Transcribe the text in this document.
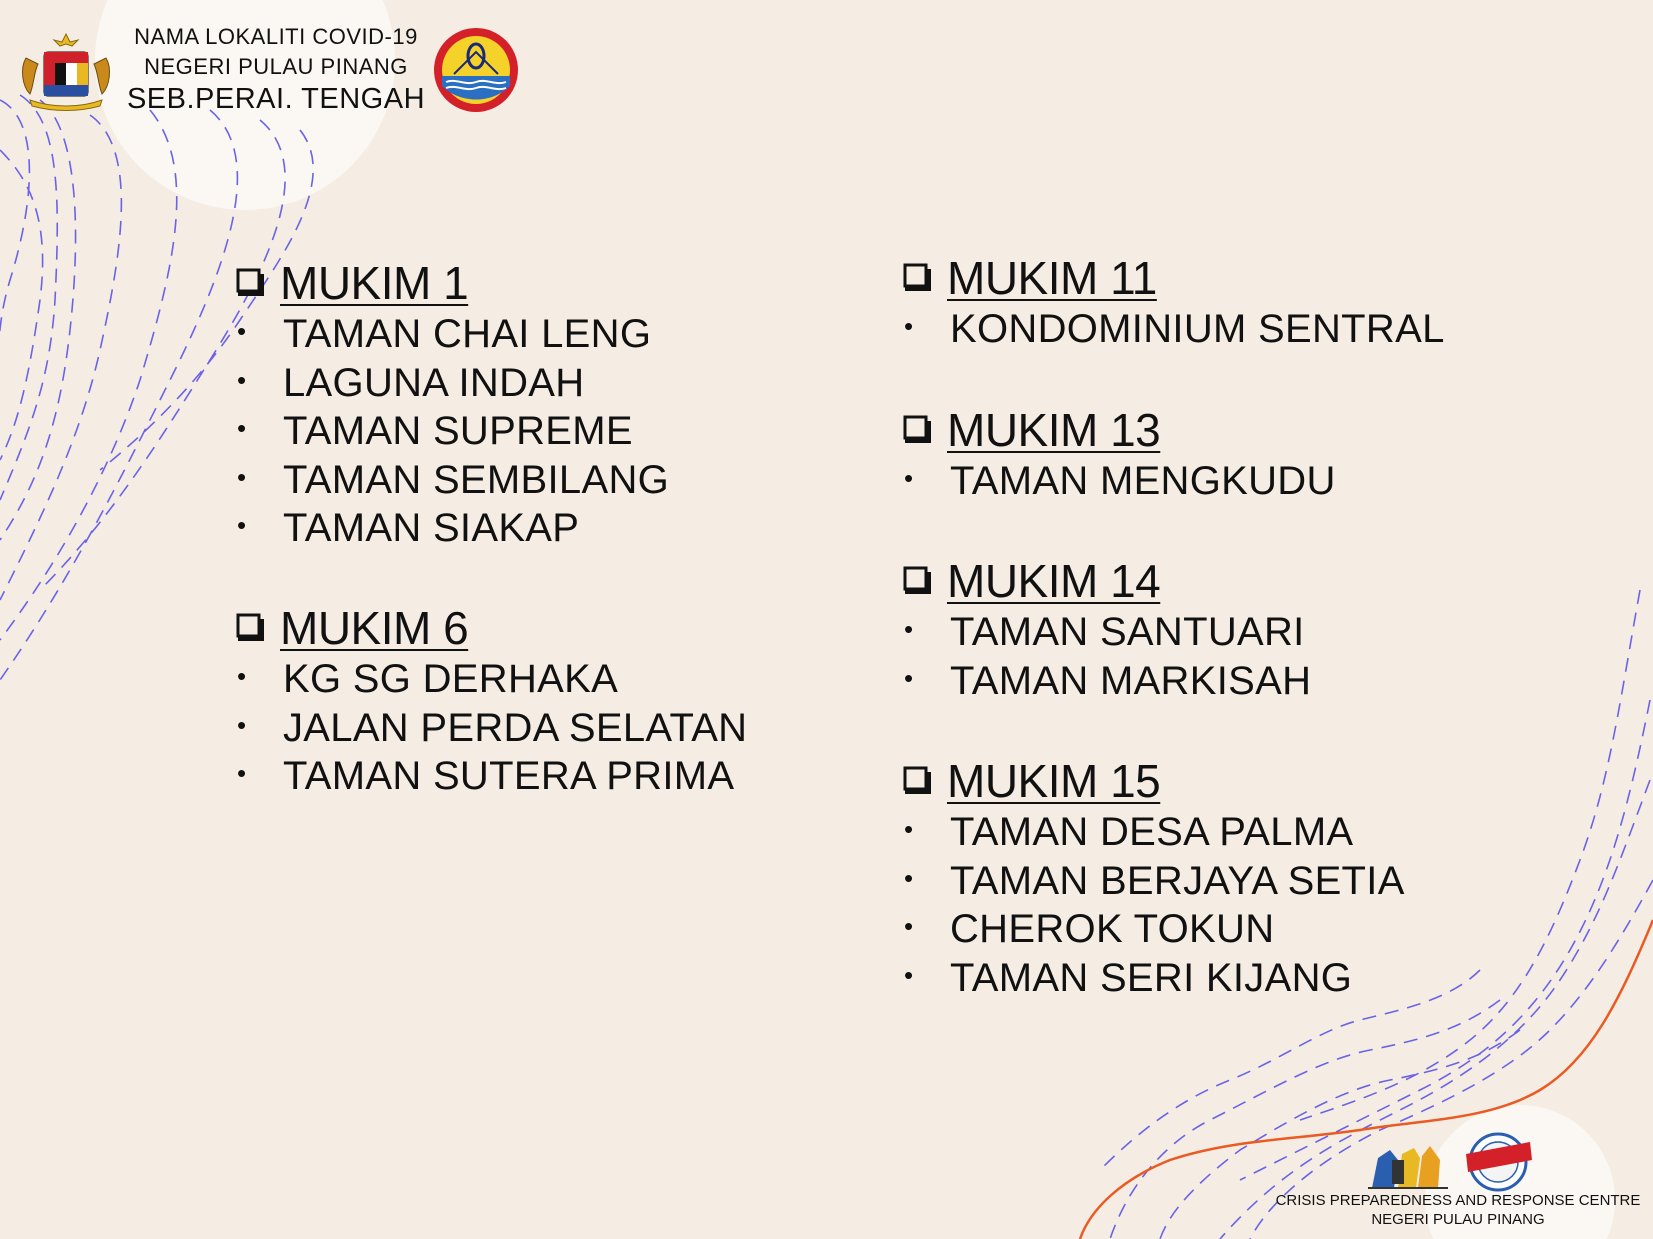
NAMA LOKALITI COVID-19
NEGERI PULAU PINANG
SEB.PERAI. TENGAH
MUKIM 1
• TAMAN CHAI LENG
• LAGUNA INDAH
• TAMAN SUPREME
• TAMAN SEMBILANG
• TAMAN SIAKAP
MUKIM 6
• KG SG DERHAKA
• JALAN PERDA SELATAN
• TAMAN SUTERA PRIMA
MUKIM 11
• KONDOMINIUM SENTRAL
MUKIM 13
• TAMAN MENGKUDU
MUKIM 14
• TAMAN SANTUARI
• TAMAN MARKISAH
MUKIM 15
• TAMAN DESA PALMA
• TAMAN BERJAYA SETIA
• CHEROK TOKUN
• TAMAN SERI KIJANG
CRISIS PREPAREDNESS AND RESPONSE CENTRE
NEGERI PULAU PINANG
